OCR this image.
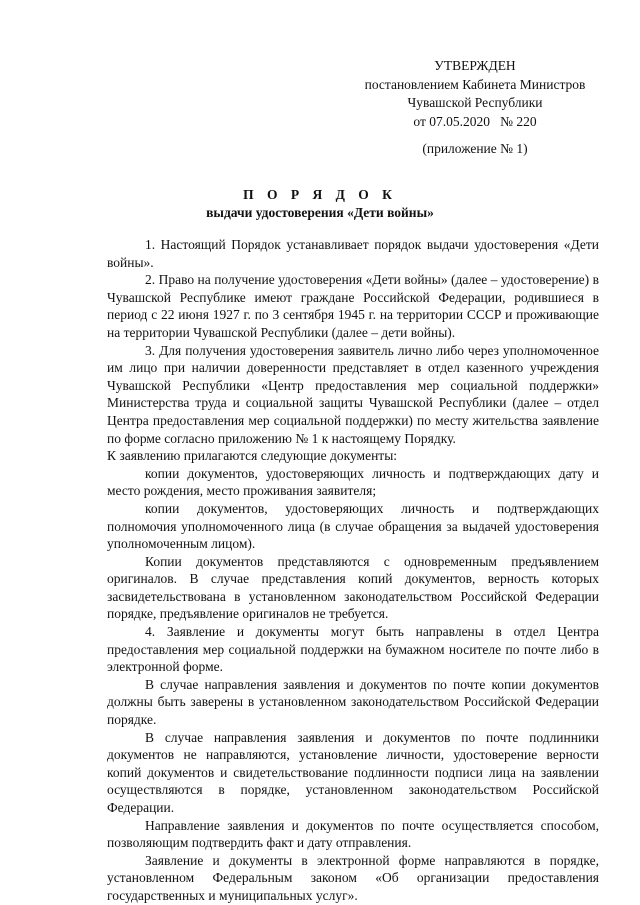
УТВЕРЖДЕН
постановлением Кабинета Министров
Чувашской Республики
от 07.05.2020   № 220
(приложение № 1)
П О Р Я Д О К
выдачи удостоверения «Дети войны»

1. Настоящий Порядок устанавливает порядок выдачи удостоверения «Дети войны».

2. Право на получение удостоверения «Дети войны» (далее – удостоверение) в Чувашской Республике имеют граждане Российской Федерации, родившиеся в период с 22 июня 1927 г. по 3 сентября 1945 г. на территории СССР и проживающие на территории Чувашской Республики (далее – дети войны).

3. Для получения удостоверения заявитель лично либо через уполномоченное им лицо при наличии доверенности представляет в отдел казенного учреждения Чувашской Республики «Центр предоставления мер социальной поддержки» Министерства труда и социальной защиты Чувашской Республики (далее – отдел Центра предоставления мер социальной поддержки) по месту жительства заявление по форме согласно приложению № 1 к настоящему Порядку.

К заявлению прилагаются следующие документы:

копии документов, удостоверяющих личность и подтверждающих дату и место рождения, место проживания заявителя;

копии документов, удостоверяющих личность и подтверждающих полномочия уполномоченного лица (в случае обращения за выдачей удостоверения уполномоченным лицом).

Копии документов представляются с одновременным предъявлением оригиналов. В случае представления копий документов, верность которых засвидетельствована в установленном законодательством Российской Федерации порядке, предъявление оригиналов не требуется.

4. Заявление и документы могут быть направлены в отдел Центра предоставления мер социальной поддержки на бумажном носителе по почте либо в электронной форме.

В случае направления заявления и документов по почте копии документов должны быть заверены в установленном законодательством Российской Федерации порядке.

В случае направления заявления и документов по почте подлинники документов не направляются, установление личности, удостоверение верности копий документов и свидетельствование подлинности подписи лица на заявлении осуществляются в порядке, установленном законодательством Российской Федерации.

Направление заявления и документов по почте осуществляется способом, позволяющим подтвердить факт и дату отправления.

Заявление и документы в электронной форме направляются в порядке, установленном Федеральным законом «Об организации предоставления государственных и муниципальных услуг».
